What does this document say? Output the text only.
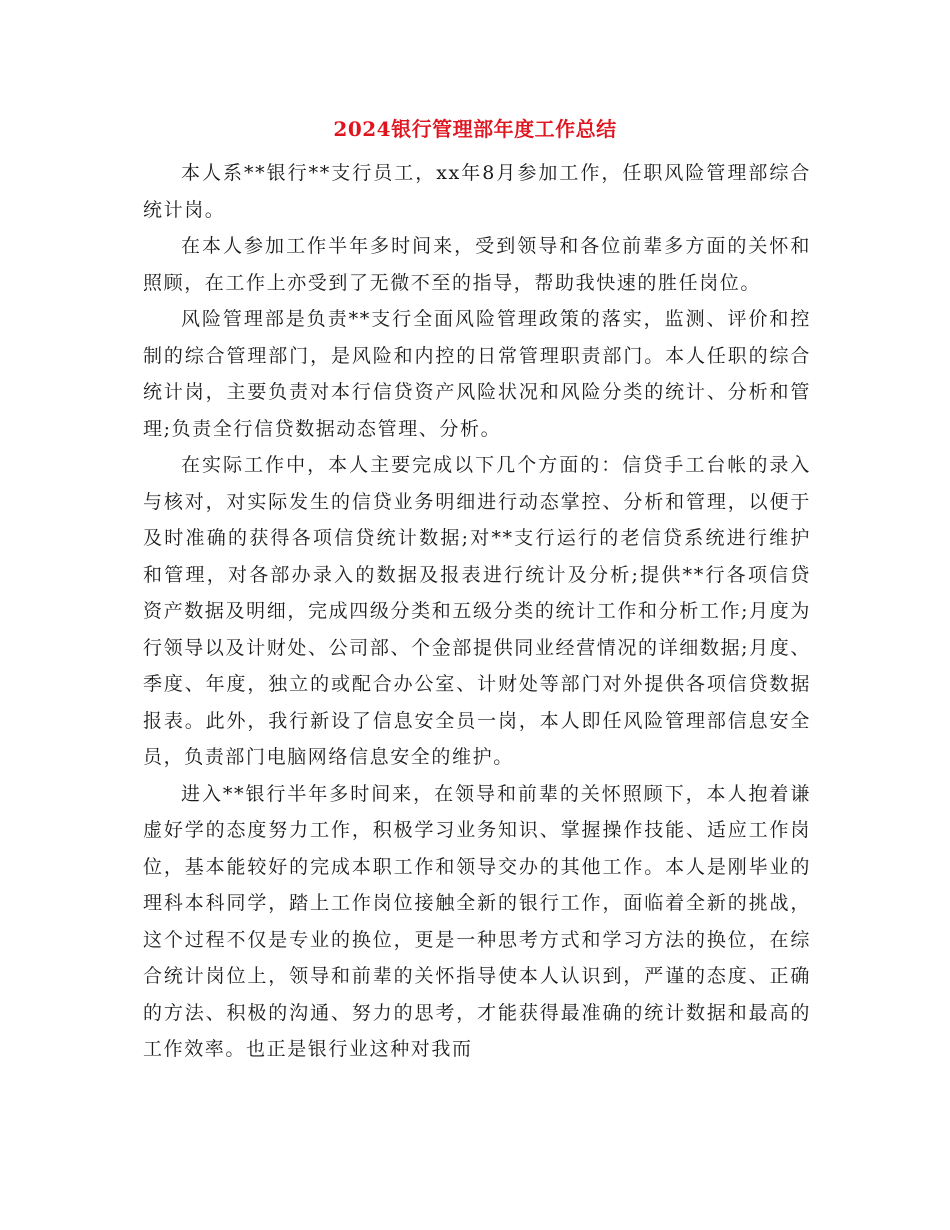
2024银行管理部年度工作总结

本人系**银行**支行员工，xx年8月参加工作，任职风险管理部综合统计岗。

在本人参加工作半年多时间来，受到领导和各位前辈多方面的关怀和照顾，在工作上亦受到了无微不至的指导，帮助我快速的胜任岗位。

风险管理部是负责**支行全面风险管理政策的落实，监测、评价和控制的综合管理部门，是风险和内控的日常管理职责部门。本人任职的综合统计岗，主要负责对本行信贷资产风险状况和风险分类的统计、分析和管理;负责全行信贷数据动态管理、分析。

在实际工作中，本人主要完成以下几个方面的：信贷手工台帐的录入与核对，对实际发生的信贷业务明细进行动态掌控、分析和管理，以便于及时准确的获得各项信贷统计数据;对**支行运行的老信贷系统进行维护和管理，对各部办录入的数据及报表进行统计及分析;提供**行各项信贷资产数据及明细，完成四级分类和五级分类的统计工作和分析工作;月度为行领导以及计财处、公司部、个金部提供同业经营情况的详细数据;月度、季度、年度，独立的或配合办公室、计财处等部门对外提供各项信贷数据报表。此外，我行新设了信息安全员一岗，本人即任风险管理部信息安全员，负责部门电脑网络信息安全的维护。

进入**银行半年多时间来，在领导和前辈的关怀照顾下，本人抱着谦虚好学的态度努力工作，积极学习业务知识、掌握操作技能、适应工作岗位，基本能较好的完成本职工作和领导交办的其他工作。本人是刚毕业的理科本科同学，踏上工作岗位接触全新的银行工作，面临着全新的挑战，这个过程不仅是专业的换位，更是一种思考方式和学习方法的换位，在综合统计岗位上，领导和前辈的关怀指导使本人认识到，严谨的态度、正确的方法、积极的沟通、努力的思考，才能获得最准确的统计数据和最高的工作效率。也正是银行业这种对我而
